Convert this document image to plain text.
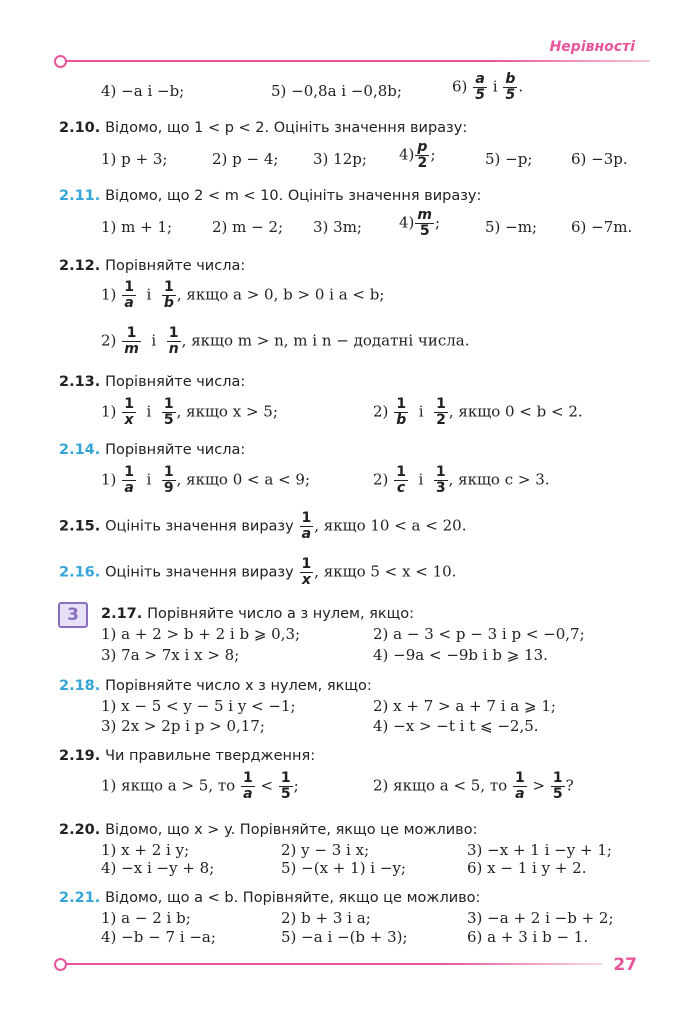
Нерівності
4) −a і −b;	5) −0,8a і −0,8b;	$6) \frac{a}{5}$ і $\frac{b}{5}$ .
2.10. Відомо, що 1 < p < 2. Оцініть значення виразу:
1) p + 3;	2) p − 4; 3) 12p; $4) \frac{p}{2}$ ;	5) −p;	6) −3p.
2.11. Відомо, що 2 < m < 10. Оцініть значення виразу:
1) m + 1;	2) m − 2; 3) 3m; $4) \frac{m}{5}$ ;	5) −m; 6) −7m.
2.12. Порівняйте числа:
$1) \frac{1}{a}$ і $\frac{1}{b}$ , якщо a > 0, b > 0 і a < b;
$2) \frac{1}{m}$ і $\frac{1}{n}$ , якщо m > n, m і n − додатні числа.
2.13. Порівняйте числа:
$1) \frac{1}{x}$ і $\frac{1}{5}$ , якщо x > 5;	$2) \frac{1}{b}$ і $\frac{1}{2}$ , якщо 0 < b < 2.
2.14. Порівняйте числа:
$1) \frac{1}{a}$ і $\frac{1}{9}$ , якщо 0 < a < 9;	$2) \frac{1}{c}$ і $\frac{1}{3}$ , якщо c > 3.
2.15. Оцініть значення виразу $\frac{1}{a}$ , якщо 10 < a < 20.
2.16. Оцініть значення виразу $\frac{1}{x}$ , якщо 5 < x < 10.
3	2.17. Порівняйте число a з нулем, якщо:
1) a + 2 > b + 2 і b ⩾ 0,3;	2) a − 3 < p − 3 і p < −0,7;
3) 7a > 7x і x > 8;	4) −9a < −9b і b ⩾ 13.
2.18. Порівняйте число x з нулем, якщо:
1) x − 5 < y − 5 і y < −1;	2) x + 7 > a + 7 і a ⩾ 1;
3) 2x > 2p і p > 0,17;	4) −x > −t і t ⩽ −2,5.
2.19. Чи правильне твердження:
1) якщо a > 5, то $\frac{1}{a} < \frac{1}{5}$ ;	2) якщо a < 5, то $\frac{1}{a} > \frac{1}{5}$ ?
2.20. Відомо, що x > y. Порівняйте, якщо це можливо:
1) x + 2 і y;	2) y − 3 і x;	3) −x + 1 і −y + 1;
4) −x і −y + 8;	5) −(x + 1) і −y;	6) x − 1 і y + 2.
2.21. Відомо, що a < b. Порівняйте, якщо це можливо:
1) a − 2 і b;	2) b + 3 і a;	3) −a + 2 і −b + 2;
4) −b − 7 і −a;	5) −a і −(b + 3);	6) a + 3 і b − 1.
27
